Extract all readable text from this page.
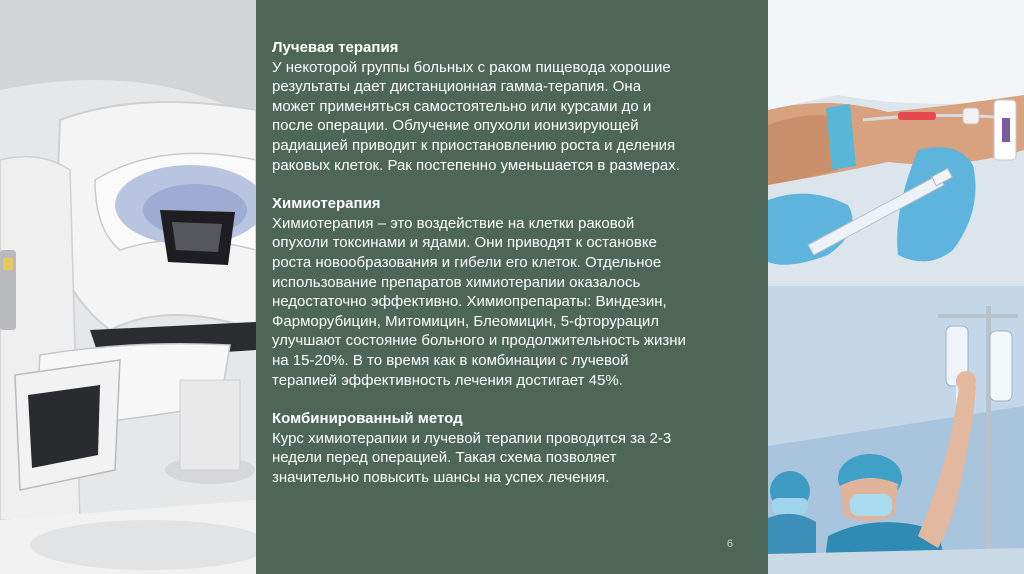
Лучевая терапия

У некоторой группы больных с раком пищевода хорошие
результаты дает дистанционная гамма-терапия. Она
может применяться самостоятельно или курсами до и
после операции. Облучение опухоли ионизирующей
радиацией приводит к приостановлению роста и деления
раковых клеток. Рак постепенно уменьшается в размерах.

Химиотерапия

Химиотерапия – это воздействие на клетки раковой
опухоли токсинами и ядами. Они приводят к остановке
роста новообразования и гибели его клеток. Отдельное
использование препаратов химиотерапии оказалось
недостаточно эффективно. Химиопрепараты: Виндезин,
Фарморубицин, Митомицин, Блеомицин, 5-фторурацил
улучшают состояние больного и продолжительность жизни
на 15-20%. В то время как в комбинации с лучевой
терапией эффективность лечения достигает 45%.

Комбинированный метод

Курс химиотерапии и лучевой терапии проводится за 2-3
недели перед операцией. Такая схема позволяет
значительно повысить шансы на успех лечения.

6
